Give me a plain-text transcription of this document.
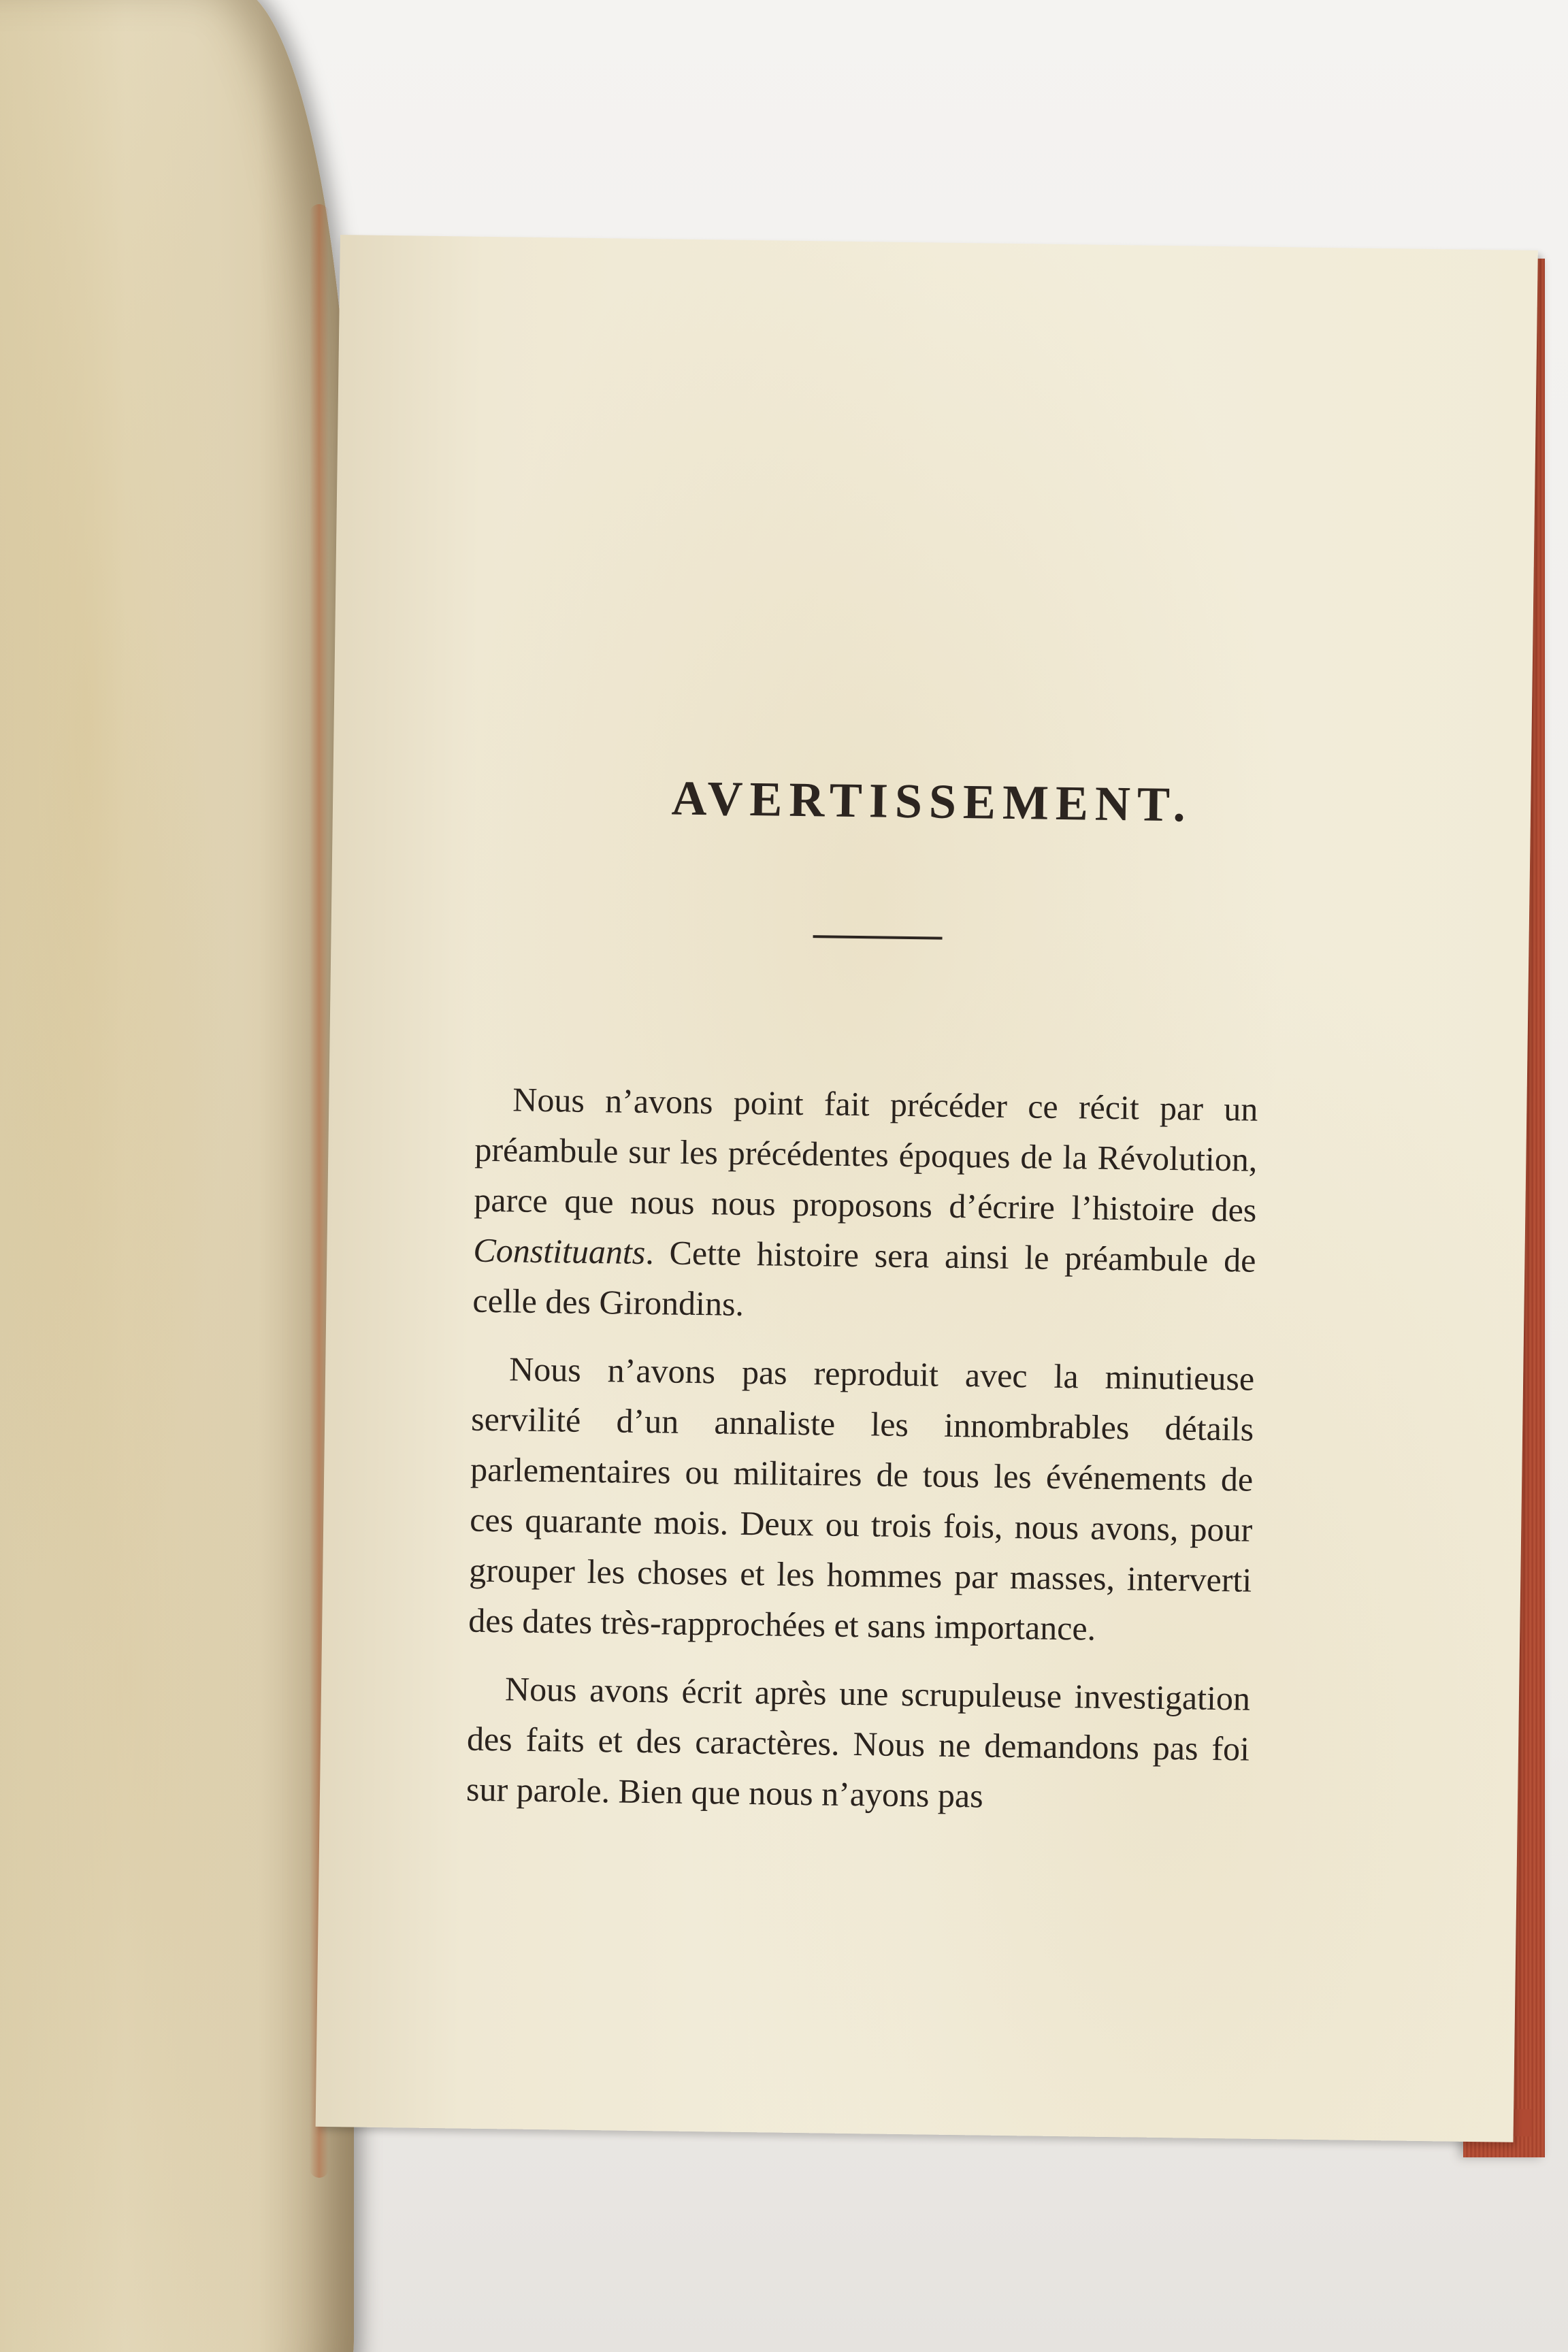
AVERTISSEMENT.

Nous n’avons point fait précéder ce récit par un préambule sur les précédentes époques de la Révolution, parce que nous nous proposons d’écrire l’histoire des Constituants. Cette histoire sera ainsi le préambule de celle des Girondins.

Nous n’avons pas reproduit avec la minutieuse servilité d’un annaliste les innombrables détails parlementaires ou militaires de tous les événements de ces quarante mois. Deux ou trois fois, nous avons, pour grouper les choses et les hommes par masses, interverti des dates très-rapprochées et sans importance.

Nous avons écrit après une scrupuleuse investigation des faits et des caractères. Nous ne demandons pas foi sur parole. Bien que nous n’ayons pas
